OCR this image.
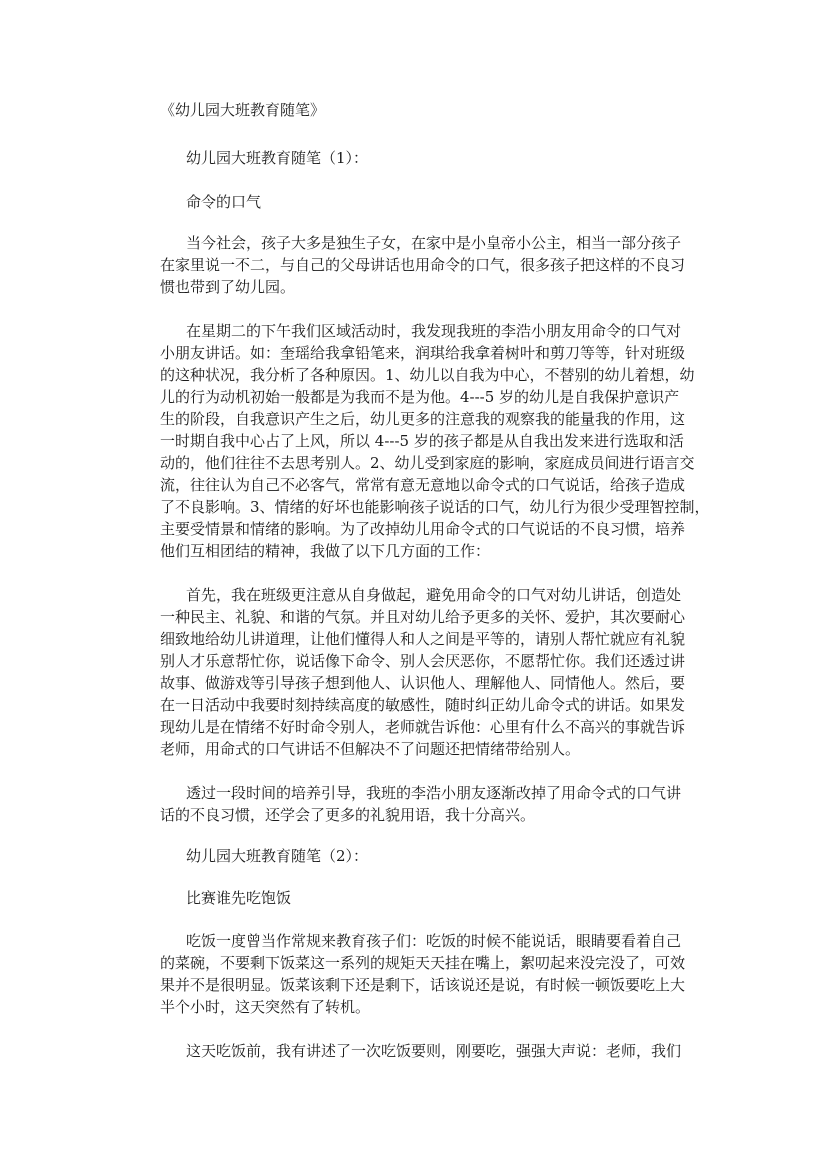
《幼儿园大班教育随笔》
幼儿园大班教育随笔（1）：
命令的口气
当今社会，孩子大多是独生子女，在家中是小皇帝小公主，相当一部分孩子
在家里说一不二，与自己的父母讲话也用命令的口气，很多孩子把这样的不良习
惯也带到了幼儿园。
在星期二的下午我们区域活动时，我发现我班的李浩小朋友用命令的口气对
小朋友讲话。如：奎瑶给我拿铅笔来，润琪给我拿着树叶和剪刀等等，针对班级
的这种状况，我分析了各种原因。1、幼儿以自我为中心，不替别的幼儿着想，幼
儿的行为动机初始一般都是为我而不是为他。4---5 岁的幼儿是自我保护意识产
生的阶段，自我意识产生之后，幼儿更多的注意我的观察我的能量我的作用，这
一时期自我中心占了上风，所以 4---5 岁的孩子都是从自我出发来进行选取和活
动的，他们往往不去思考别人。2、幼儿受到家庭的影响，家庭成员间进行语言交
流，往往认为自己不必客气，常常有意无意地以命令式的口气说话，给孩子造成
了不良影响。3、情绪的好坏也能影响孩子说话的口气，幼儿行为很少受理智控制，
主要受情景和情绪的影响。为了改掉幼儿用命令式的口气说话的不良习惯，培养
他们互相团结的精神，我做了以下几方面的工作：
首先，我在班级更注意从自身做起，避免用命令的口气对幼儿讲话，创造处
一种民主、礼貌、和谐的气氛。并且对幼儿给予更多的关怀、爱护，其次要耐心
细致地给幼儿讲道理，让他们懂得人和人之间是平等的，请别人帮忙就应有礼貌
别人才乐意帮忙你，说话像下命令、别人会厌恶你，不愿帮忙你。我们还透过讲
故事、做游戏等引导孩子想到他人、认识他人、理解他人、同情他人。然后，要
在一日活动中我要时刻持续高度的敏感性，随时纠正幼儿命令式的讲话。如果发
现幼儿是在情绪不好时命令别人，老师就告诉他：心里有什么不高兴的事就告诉
老师，用命式的口气讲话不但解决不了问题还把情绪带给别人。
透过一段时间的培养引导，我班的李浩小朋友逐渐改掉了用命令式的口气讲
话的不良习惯，还学会了更多的礼貌用语，我十分高兴。
幼儿园大班教育随笔（2）：
比赛谁先吃饱饭
吃饭一度曾当作常规来教育孩子们：吃饭的时候不能说话，眼睛要看着自己
的菜碗，不要剩下饭菜这一系列的规矩天天挂在嘴上，絮叨起来没完没了，可效
果并不是很明显。饭菜该剩下还是剩下，话该说还是说，有时候一顿饭要吃上大
半个小时，这天突然有了转机。
这天吃饭前，我有讲述了一次吃饭要则，刚要吃，强强大声说：老师，我们
